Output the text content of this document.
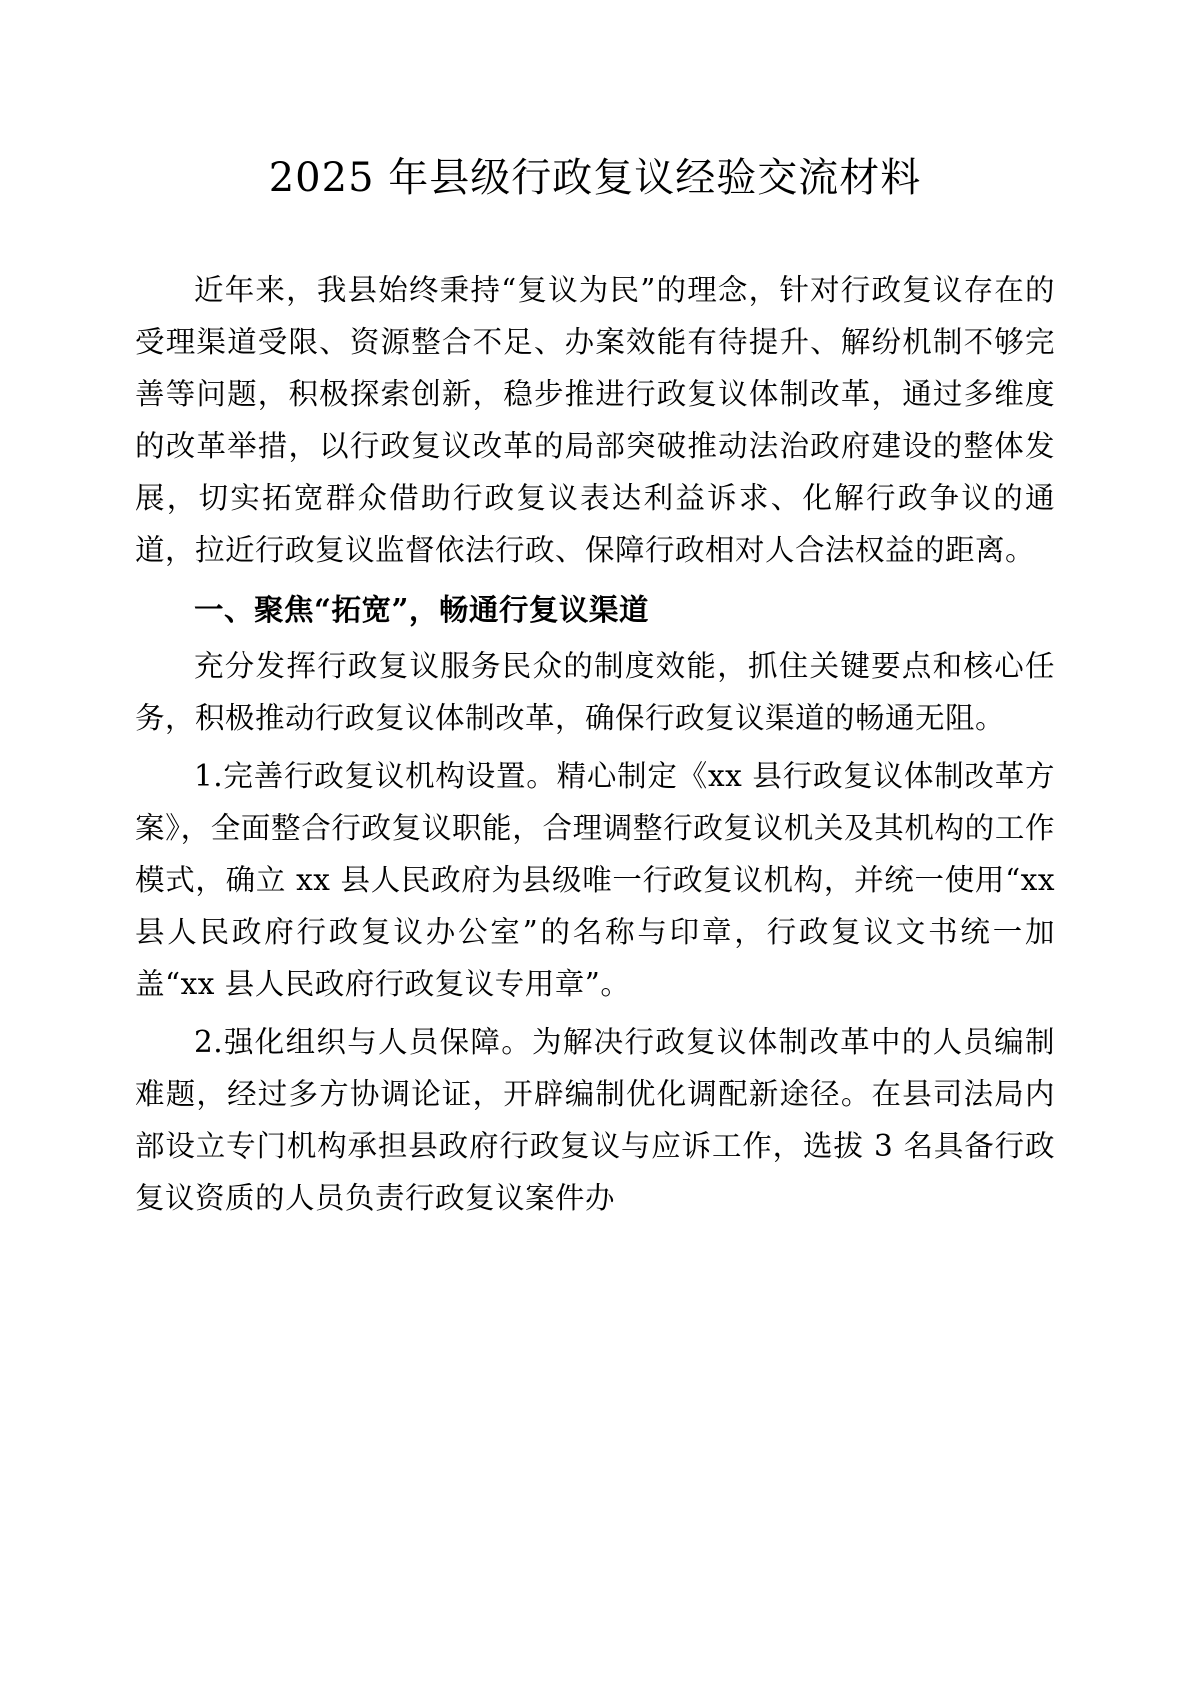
2025 年县级行政复议经验交流材料

近年来，我县始终秉持“复议为民”的理念，针对行政复议存在的受理渠道受限、资源整合不足、办案效能有待提升、解纷机制不够完善等问题，积极探索创新，稳步推进行政复议体制改革，通过多维度的改革举措，以行政复议改革的局部突破推动法治政府建设的整体发展，切实拓宽群众借助行政复议表达利益诉求、化解行政争议的通道，拉近行政复议监督依法行政、保障行政相对人合法权益的距离。

一、聚焦“拓宽”，畅通行复议渠道

充分发挥行政复议服务民众的制度效能，抓住关键要点和核心任务，积极推动行政复议体制改革，确保行政复议渠道的畅通无阻。

1.完善行政复议机构设置。精心制定《xx 县行政复议体制改革方案》，全面整合行政复议职能，合理调整行政复议机关及其机构的工作模式，确立 xx 县人民政府为县级唯一行政复议机构，并统一使用“xx 县人民政府行政复议办公室”的名称与印章，行政复议文书统一加盖“xx 县人民政府行政复议专用章”。

2.强化组织与人员保障。为解决行政复议体制改革中的人员编制难题，经过多方协调论证，开辟编制优化调配新途径。在县司法局内部设立专门机构承担县政府行政复议与应诉工作，选拔 3 名具备行政复议资质的人员负责行政复议案件办
